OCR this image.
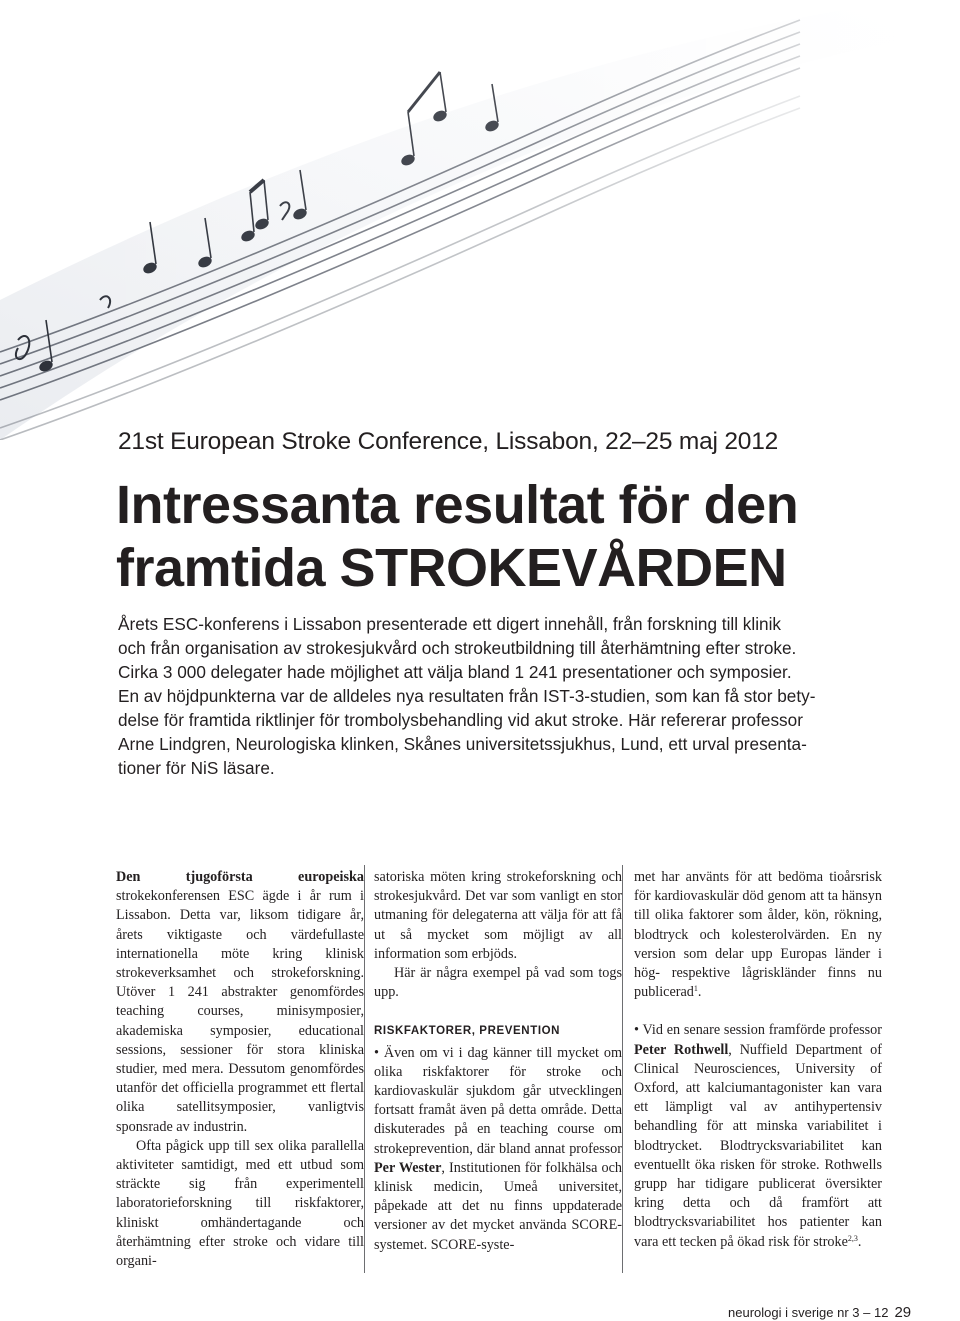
21st European Stroke Conference, Lissabon, 22–25 maj 2012
Intressanta resultat för den
framtida STROKEVÅRDEN

Årets ESC-konferens i Lissabon presenterade ett digert innehåll, från forskning till klinik

och från organisation av strokesjukvård och strokeutbildning till återhämtning efter stroke.

Cirka 3 000 delegater hade möjlighet att välja bland 1 241 presentationer och symposier.

En av höjdpunkterna var de alldeles nya resultaten från IST-3-studien, som kan få stor bety-

delse för framtida riktlinjer för trombolysbehandling vid akut stroke. Här refererar professor

Arne Lindgren, Neurologiska klinken, Skånes universitetssjukhus, Lund, ett urval presenta-

tioner för NiS läsare.

Den tjugoförsta europeiska strokekonferensen ESC ägde i år rum i Lissabon. Detta var, liksom tidigare år, årets viktigaste och värdefullaste internationella möte kring klinisk strokeverksamhet och strokeforskning. Utöver 1 241 abstrakter genomfördes teaching courses, minisymposier, akademiska symposier, educational sessions, sessioner för stora kliniska studier, med mera. Dessutom genomfördes utanför det officiella programmet ett flertal olika satellitsymposier, vanligtvis sponsrade av industrin.

Ofta pågick upp till sex olika parallella aktiviteter samtidigt, med ett utbud som sträckte sig från experimentell laboratorieforskning till riskfaktorer, kliniskt omhändertagande och återhämtning efter stroke och vidare till organi-

satoriska möten kring strokeforskning och strokesjukvård. Det var som vanligt en stor utmaning för delegaterna att välja för att få ut så mycket som möjligt av all information som erbjöds.

Här är några exempel på vad som togs upp.

RISKFAKTORER, PREVENTION

• Även om vi i dag känner till mycket om olika riskfaktorer för stroke och kardiovaskulär sjukdom går utvecklingen fortsatt framåt även på detta område. Detta diskuterades på en teaching course om strokeprevention, där bland annat professor Per Wester, Institutionen för folkhälsa och klinisk medicin, Umeå universitet, påpekade att det nu finns uppdaterade versioner av det mycket använda SCORE-systemet. SCORE-syste-

met har använts för att bedöma tioårsrisk för kardiovaskulär död genom att ta hänsyn till olika faktorer som ålder, kön, rökning, blodtryck och kolesterolvärden. En ny version som delar upp Europas länder i hög- respektive lågriskländer finns nu publicerad$^1$.

• Vid en senare session framförde professor Peter Rothwell, Nuffield Department of Clinical Neurosciences, University of Oxford, att kalciumantagonister kan vara ett lämpligt val av antihypertensiv behandling för att minska variabilitet i blodtrycket. Blodtrycksvariabilitet kan eventuellt öka risken för stroke. Rothwells grupp har tidigare publicerat översikter kring detta och då framfört att blodtrycksvariabilitet hos patienter kan vara ett tecken på ökad risk för stroke$^{2,3}$.

neurologi i sverige nr 3 – 12 29
